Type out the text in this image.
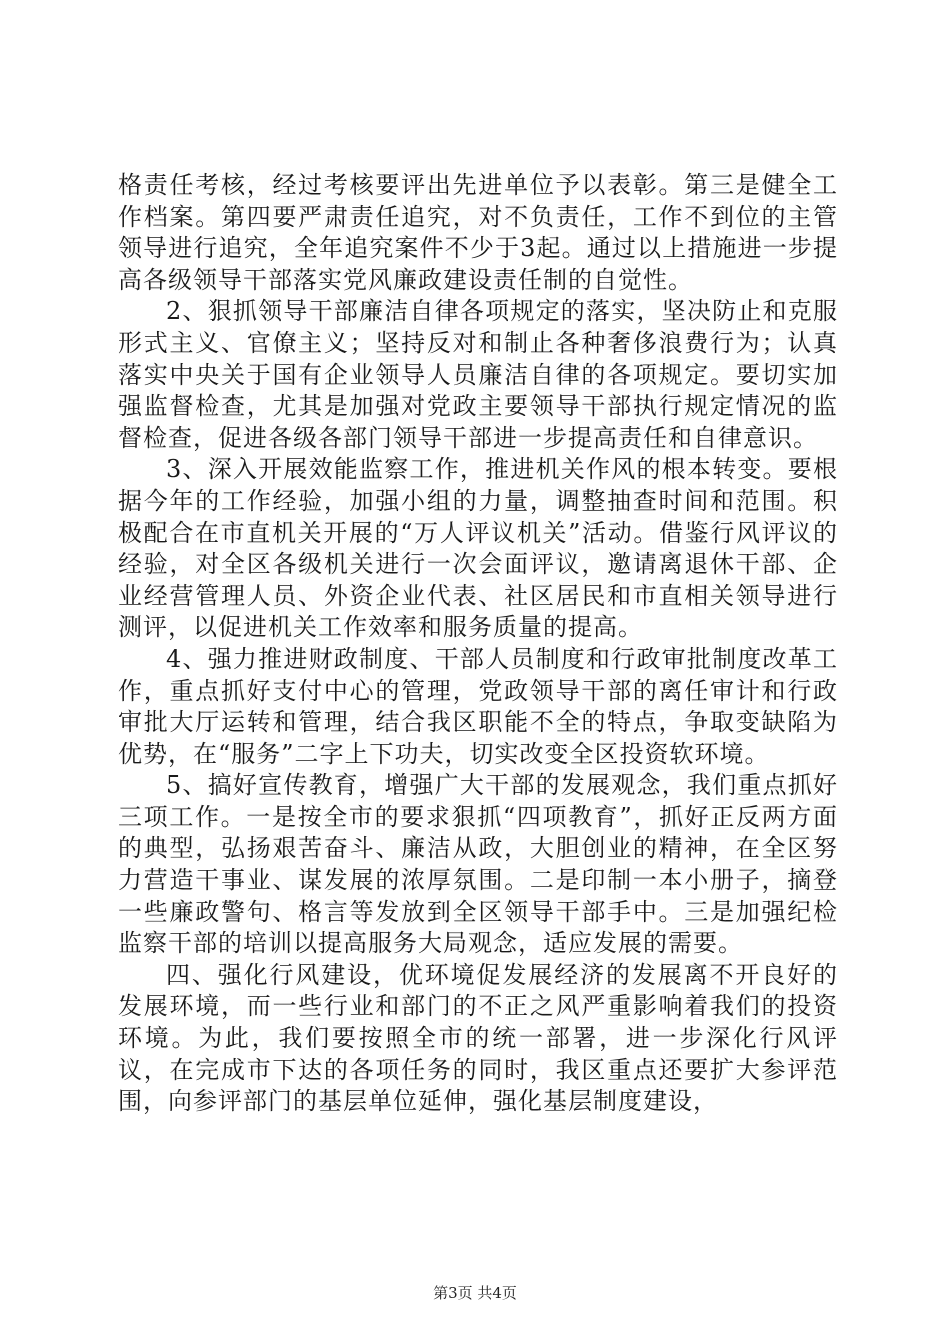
格责任考核，经过考核要评出先进单位予以表彰。第三是健全工作档案。第四要严肃责任追究，对不负责任，工作不到位的主管领导进行追究，全年追究案件不少于3起。通过以上措施进一步提高各级领导干部落实党风廉政建设责任制的自觉性。

2、狠抓领导干部廉洁自律各项规定的落实，坚决防止和克服形式主义、官僚主义；坚持反对和制止各种奢侈浪费行为；认真落实中央关于国有企业领导人员廉洁自律的各项规定。要切实加强监督检查，尤其是加强对党政主要领导干部执行规定情况的监督检查，促进各级各部门领导干部进一步提高责任和自律意识。

3、深入开展效能监察工作，推进机关作风的根本转变。要根据今年的工作经验，加强小组的力量，调整抽查时间和范围。积极配合在市直机关开展的“万人评议机关”活动。借鉴行风评议的经验，对全区各级机关进行一次会面评议，邀请离退休干部、企业经营管理人员、外资企业代表、社区居民和市直相关领导进行测评，以促进机关工作效率和服务质量的提高。

4、强力推进财政制度、干部人员制度和行政审批制度改革工作，重点抓好支付中心的管理，党政领导干部的离任审计和行政审批大厅运转和管理，结合我区职能不全的特点，争取变缺陷为优势，在“服务”二字上下功夫，切实改变全区投资软环境。

5、搞好宣传教育，增强广大干部的发展观念，我们重点抓好三项工作。一是按全市的要求狠抓“四项教育”，抓好正反两方面的典型，弘扬艰苦奋斗、廉洁从政，大胆创业的精神，在全区努力营造干事业、谋发展的浓厚氛围。二是印制一本小册子，摘登一些廉政警句、格言等发放到全区领导干部手中。三是加强纪检监察干部的培训以提高服务大局观念，适应发展的需要。

四、强化行风建设，优环境促发展经济的发展离不开良好的发展环境，而一些行业和部门的不正之风严重影响着我们的投资环境。为此，我们要按照全市的统一部署，进一步深化行风评议，在完成市下达的各项任务的同时，我区重点还要扩大参评范围，向参评部门的基层单位延伸，强化基层制度建设，

第3页 共4页
